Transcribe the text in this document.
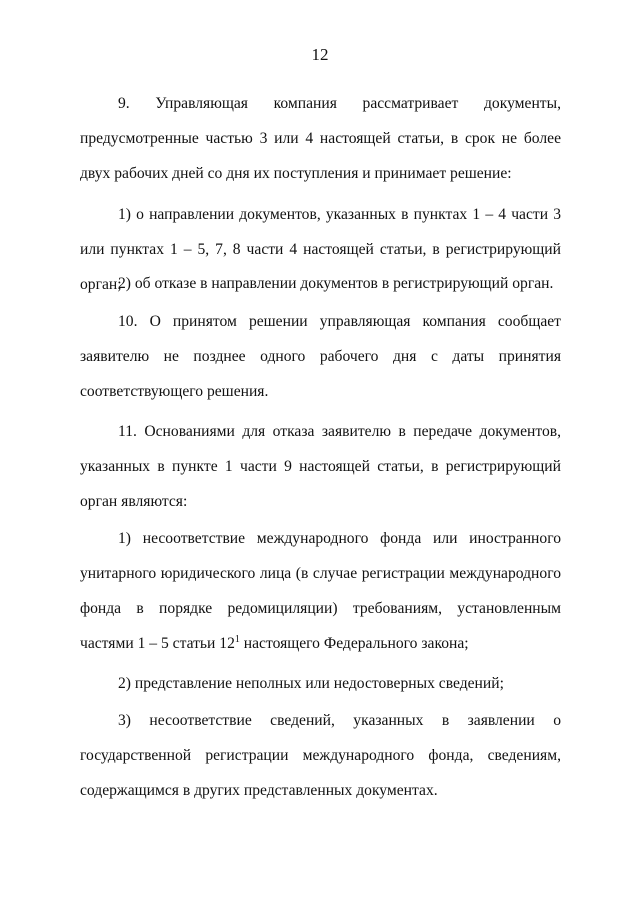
12

9. Управляющая компания рассматривает документы, предусмотренные частью 3 или 4 настоящей статьи, в срок не более двух рабочих дней со дня их поступления и принимает решение:

1) о направлении документов, указанных в пунктах 1 – 4 части 3 или пунктах 1 – 5, 7, 8 части 4 настоящей статьи, в регистрирующий орган;

2) об отказе в направлении документов в регистрирующий орган.

10. О принятом решении управляющая компания сообщает заявителю не позднее одного рабочего дня с даты принятия соответствующего решения.

11. Основаниями для отказа заявителю в передаче документов, указанных в пункте 1 части 9 настоящей статьи, в регистрирующий орган являются:

1) несоответствие международного фонда или иностранного унитарного юридического лица (в случае регистрации международного фонда в порядке редомициляции) требованиям, установленным частями 1 – 5 статьи $12^1$ настоящего Федерального закона;

2) представление неполных или недостоверных сведений;

3) несоответствие сведений, указанных в заявлении о государственной регистрации международного фонда, сведениям, содержащимся в других представленных документах.
